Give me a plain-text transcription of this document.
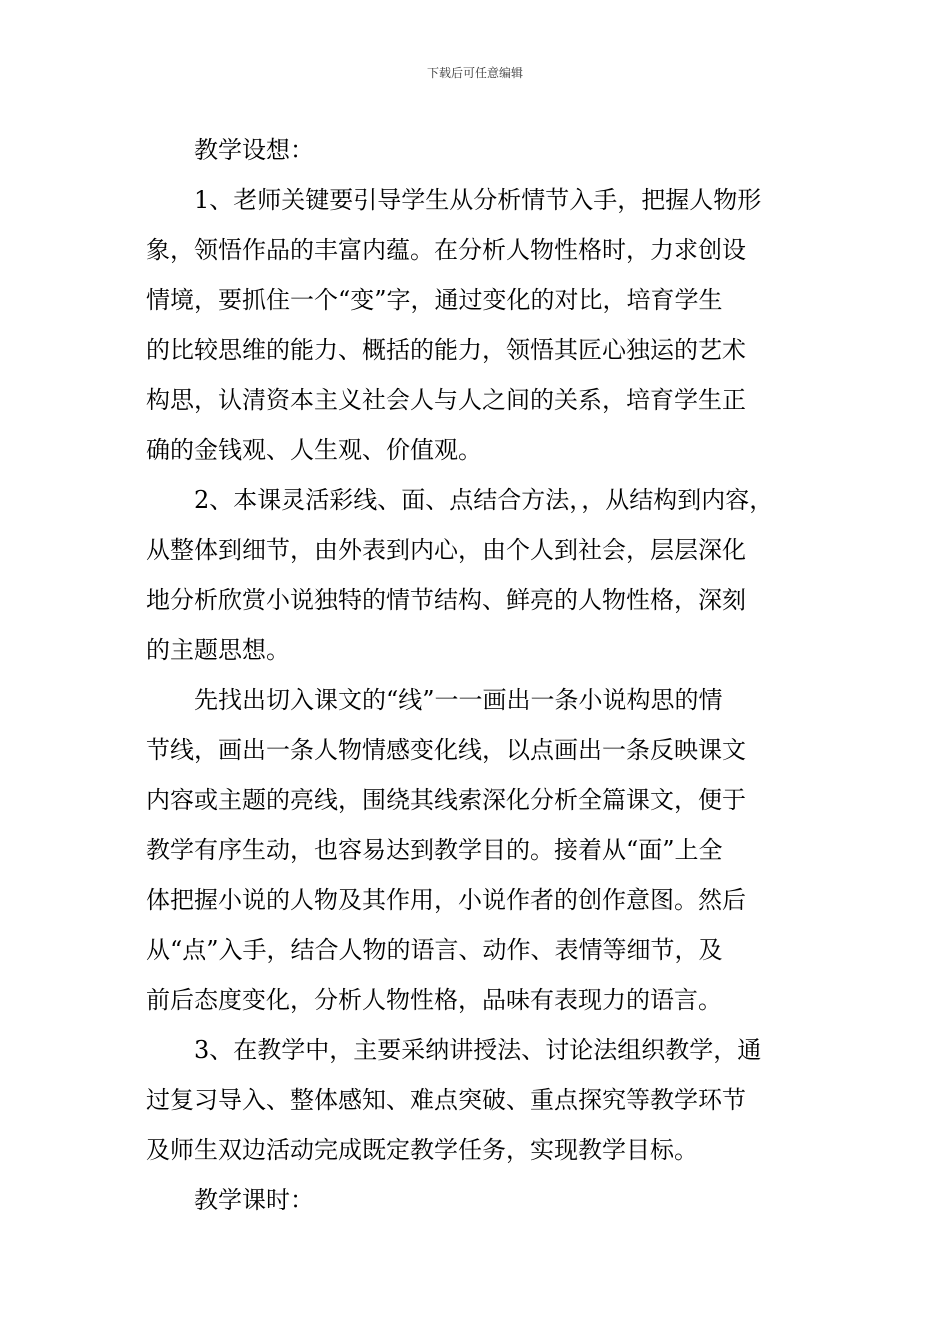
下载后可任意编辑

教学设想：

1、老师关键要引导学生从分析情节入手，把握人物形

象，领悟作品的丰富内蕴。在分析人物性格时，力求创设

情境，要抓住一个“变”字，通过变化的对比，培育学生

的比较思维的能力、概括的能力，领悟其匠心独运的艺术

构思，认清资本主义社会人与人之间的关系，培育学生正

确的金钱观、人生观、价值观。

2、本课灵活彩线、面、点结合方法，，从结构到内容，

从整体到细节，由外表到内心，由个人到社会，层层深化

地分析欣赏小说独特的情节结构、鲜亮的人物性格，深刻

的主题思想。

先找出切入课文的“线”一一画出一条小说构思的情

节线，画出一条人物情感变化线，以点画出一条反映课文

内容或主题的亮线，围绕其线索深化分析全篇课文，便于

教学有序生动，也容易达到教学目的。接着从“面”上全

体把握小说的人物及其作用，小说作者的创作意图。然后

从“点”入手，结合人物的语言、动作、表情等细节，及

前后态度变化，分析人物性格，品味有表现力的语言。

3、在教学中，主要采纳讲授法、讨论法组织教学，通

过复习导入、整体感知、难点突破、重点探究等教学环节

及师生双边活动完成既定教学任务，实现教学目标。

教学课时：
